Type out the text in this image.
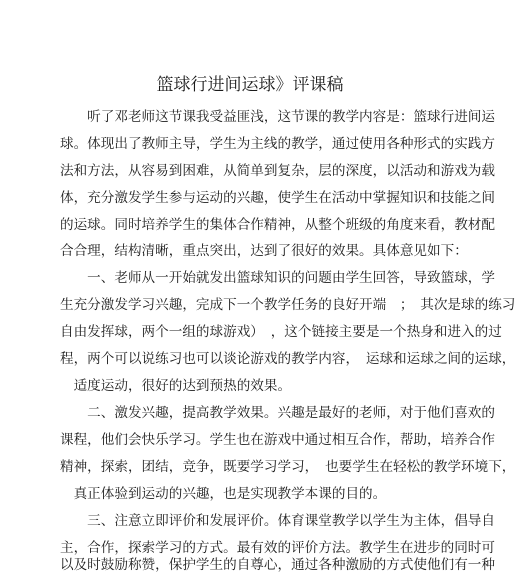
篮球行进间运球》评课稿
　　听了邓老师这节课我受益匪浅，这节课的教学内容是：篮球行进间运
球。体现出了教师主导，学生为主线的教学，通过使用各种形式的实践方
法和方法，从容易到困难，从简单到复杂，层的深度，以活动和游戏为载
体，充分激发学生参与运动的兴趣，使学生在活动中掌握知识和技能之间
的运球。同时培养学生的集体合作精神，从整个班级的角度来看，教材配
合合理，结构清晰，重点突出，达到了很好的效果。具体意见如下：
　　一、老师从一开始就发出篮球知识的问题由学生回答，导致篮球，学
生充分激发学习兴趣，完成下一个教学任务的良好开端　；　其次是球的练习
自由发挥球，两个一组的球游戏）　，这个链接主要是一个热身和进入的过
程，两个可以说练习也可以谈论游戏的教学内容，　运球和运球之间的运球，
　适度运动，很好的达到预热的效果。
　　二、激发兴趣，提高教学效果。兴趣是最好的老师，对于他们喜欢的
课程，他们会快乐学习。学生也在游戏中通过相互合作，帮助，培养合作
精神，探索，团结，竞争，既要学习学习，　也要学生在轻松的教学环境下，
　真正体验到运动的兴趣，也是实现教学本课的目的。
　　三、注意立即评价和发展评价。体育课堂教学以学生为主体，倡导自
主，合作，探索学习的方式。最有效的评价方法。教学生在进步的同时可
以及时鼓励称赞，保护学生的自尊心，通过各种激励的方式使他们有一种
